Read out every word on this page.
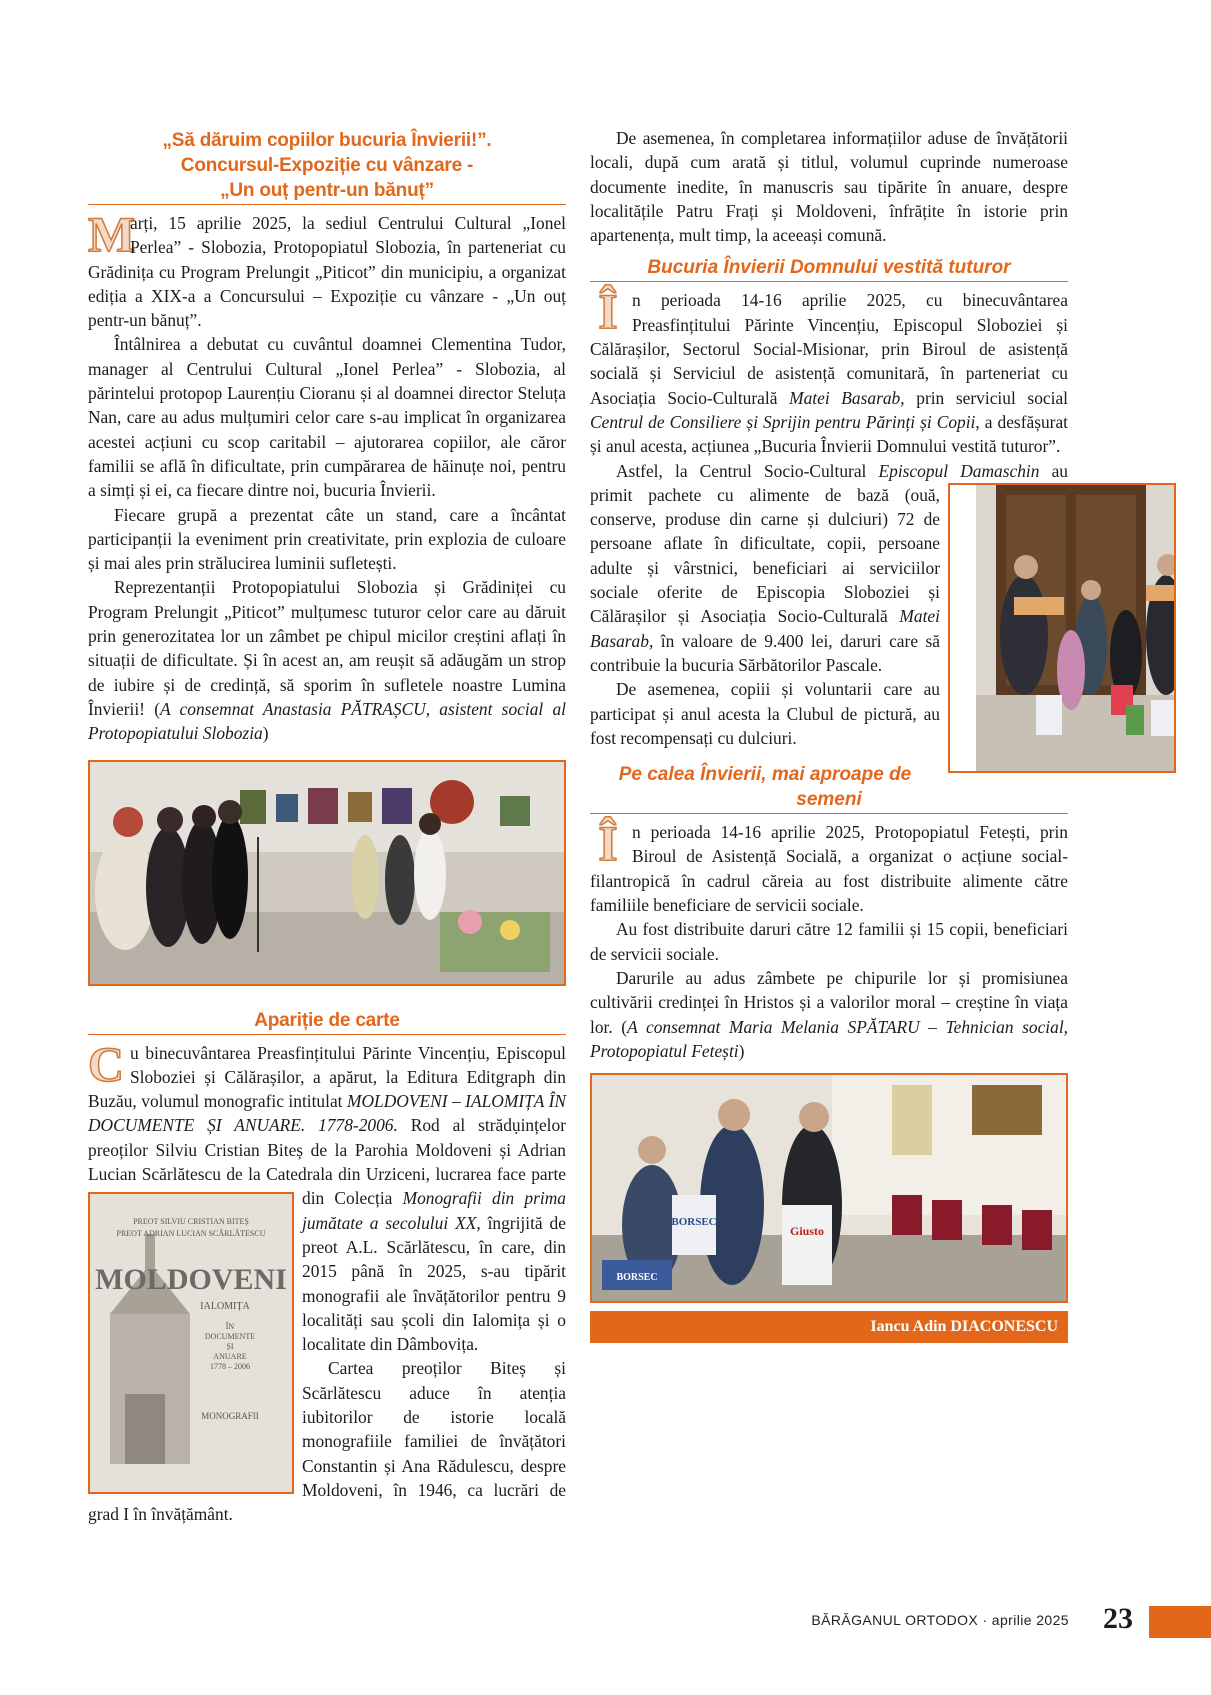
„Să dăruim copiilor bucuria Învierii!”.
Concursul-Expoziție cu vânzare -
„Un ouț pentr-un bănuț”

M
arți, 15 aprilie 2025, la sediul Centrului Cultural „Ionel Perlea” - Slobozia, Protopopiatul Slobozia, în parteneriat cu Grădinița cu Program Prelungit „Piticot” din municipiu, a organizat ediția a XIX-a a Concursului – Expoziție cu vânzare - „Un ouț pentr-un bănuț”.

Întâlnirea a debutat cu cuvântul doamnei Clementina Tudor, manager al Centrului Cultural „Ionel Perlea” - Slobozia, al părintelui protopop Laurențiu Cioranu și al doamnei director Steluța Nan, care au adus mulțumiri celor care s-au implicat în organizarea acestei acțiuni cu scop caritabil – ajutorarea copiilor, ale căror familii se află în dificultate, prin cumpărarea de hăinuțe noi, pentru a simți și ei, ca fiecare dintre noi, bucuria Învierii.

Fiecare grupă a prezentat câte un stand, care a încântat participanții la eveniment prin creativitate, prin explozia de culoare și mai ales prin strălucirea luminii sufletești.

Reprezentanții Protopopiatului Slobozia și Grădiniței cu Program Prelungit „Piticot” mulțumesc tuturor celor care au dăruit prin generozitatea lor un zâmbet pe chipul micilor creștini aflați în situații de dificultate. Și în acest an, am reușit să adăugăm un strop de iubire și de credință, să sporim în sufletele noastre Lumina Învierii! (A consemnat Anastasia PĂTRAȘCU, asistent social al Protopopiatului Slobozia)

Apariție de carte

Cu binecuvântarea Preasfințitului Părinte Vincențiu, Episcopul Sloboziei și Călărașilor, a apărut, la Editura Editgraph din Buzău, volumul monografic intitulat MOLDOVENI – IALOMIȚA ÎN DOCUMENTE ȘI ANUARE. 1778-2006. Rod al strădụințelor preoților Silviu Cristian Biteș de la Parohia Moldoveni și Adrian Lucian Scărlătescu de la Catedrala din Urziceni, lucrarea face parte din Colecția
PREOT SILVIU CRISTIAN BITEȘ
PREOT ADRIAN LUCIAN SCĂRLĂTESCU
MOLDOVENI
IALOMIȚA
ÎN
DOCUMENTE
ȘI
ANUARE
1778 – 2006
MONOGRAFII
Monografii din prima jumătate a secolului XX, îngrijită de preot A.L. Scărlătescu, în care, din 2015 până în 2025, s-au tipărit monografii ale învățătorilor pentru 9 localități sau școli din Ialomița și o localitate din Dâmbovița.

Cartea preoților Biteș și Scărlătescu aduce în atenția iubitorilor de istorie locală monografiile familiei de învățători Constantin și Ana Rădulescu, despre Moldoveni, în 1946, ca lucrări de grad I în învățământ.

De asemenea, în completarea informațiilor aduse de învățătorii locali, după cum arată și titlul, volumul cuprinde numeroase documente inedite, în manuscris sau tipărite în anuare, despre localitățile Patru Frați și Moldoveni, înfrățite în istorie prin apartenența, mult timp, la aceeași comună.

Bucuria Învierii Domnului vestită tuturor

În perioada 14-16 aprilie 2025, cu binecuvântarea Preasfințitului Părinte Vincențiu, Episcopul Sloboziei și Călărașilor, Sectorul Social-Misionar, prin Biroul de asistență socială și Serviciul de asistență comunitară, în parteneriat cu Asociația Socio-Culturală Matei Basarab, prin serviciul social Centrul de Consiliere și Sprijin pentru Părinți și Copii, a desfășurat și anul acesta, acțiunea „Bucuria Învierii Domnului vestită tuturor”.

Astfel, la Centrul Socio-Cultural Episcopul Damaschin
au primit pachete cu alimente de bază (ouă, conserve, produse din carne și dulciuri) 72 de persoane aflate în dificultate, copii, persoane adulte și vârstnici, beneficiari ai serviciilor sociale oferite de Episcopia Sloboziei și Călărașilor și Asociația Socio-Culturală Matei Basarab, în valoare de 9.400 lei, daruri care să contribuie la bucuria Sărbătorilor Pascale.

De asemenea, copiii și voluntarii care au participat și anul acesta la Clubul de pictură, au fost recompensați cu dulciuri.

Pe calea Învierii, mai aproape de semeni

În perioada 14-16 aprilie 2025, Protopopiatul Fetești, prin Biroul de Asistență Socială, a organizat o acțiune social-filantropică în cadrul căreia au fost distribuite alimente către familiile beneficiare de servicii sociale.

Au fost distribuite daruri către 12 familii și 15 copii, beneficiari de servicii sociale.

Darurile au adus zâmbete pe chipurile lor și promisiunea cultivării credinței în Hristos și a valorilor moral – creștine în viața lor. (A consemnat Maria Melania SPĂTARU – Tehnician social, Protopopiatul Fetești)

BORSEC
Giusto
BORSEC
Iancu Adin DIACONESCU
BĂRĂGANUL ORTODOX · aprilie 2025 23
